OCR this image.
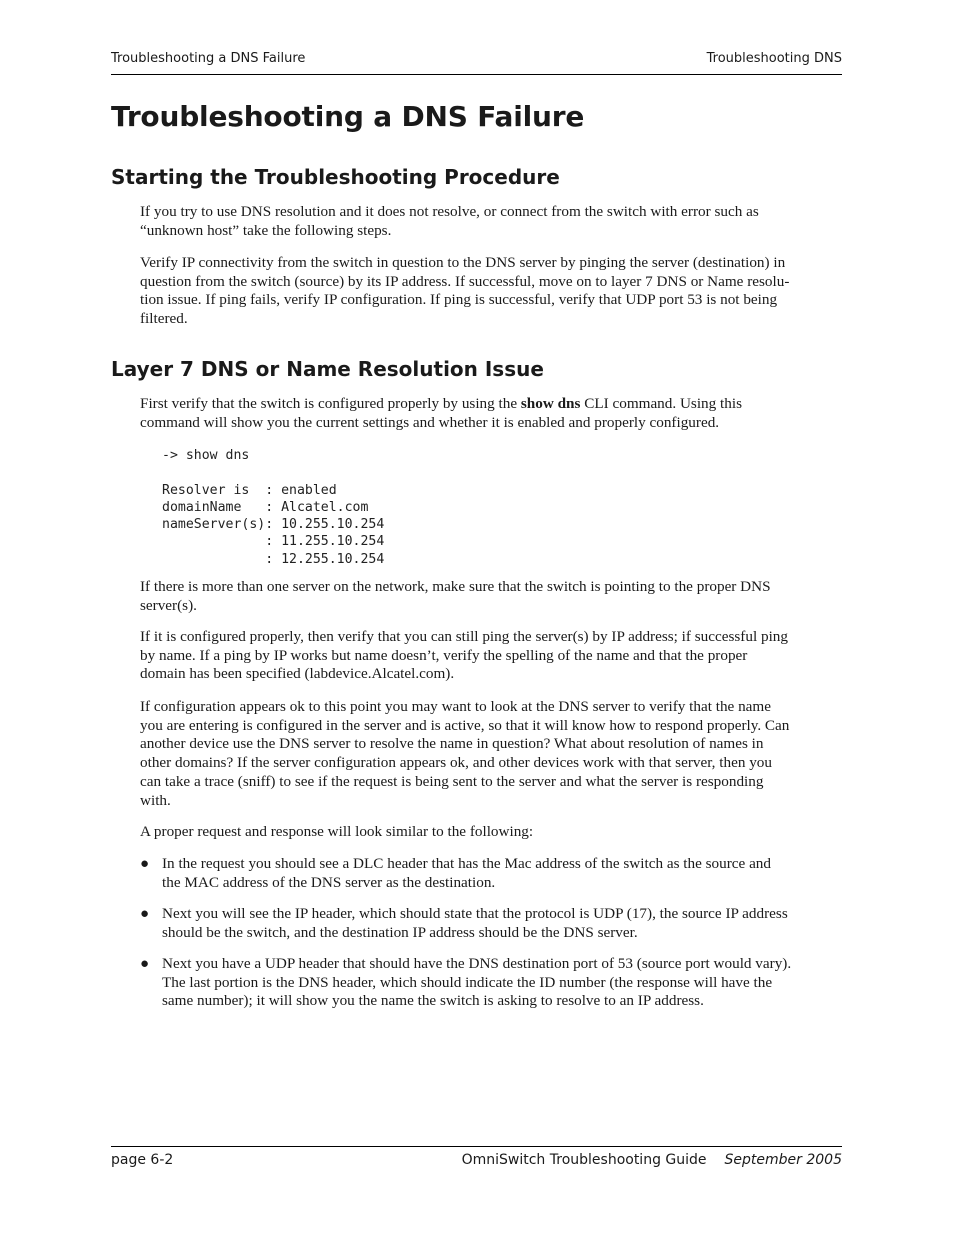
Troubleshooting a DNS Failure	Troubleshooting DNS
Troubleshooting a DNS Failure
Starting the Troubleshooting Procedure

If you try to use DNS resolution and it does not resolve, or connect from the switch with error such as
“unknown host” take the following steps.

Verify IP connectivity from the switch in question to the DNS server by pinging the server (destination) in
question from the switch (source) by its IP address. If successful, move on to layer 7 DNS or Name resolu-
tion issue. If ping fails, verify IP configuration. If ping is successful, verify that UDP port 53 is not being
filtered.

Layer 7 DNS or Name Resolution Issue

First verify that the switch is configured properly by using the show dns CLI command. Using this
command will show you the current settings and whether it is enabled and properly configured.

-> show dns

Resolver is  : enabled
domainName   : Alcatel.com
nameServer(s): 10.255.10.254
: 11.255.10.254
: 12.255.10.254

If there is more than one server on the network, make sure that the switch is pointing to the proper DNS
server(s).

If it is configured properly, then verify that you can still ping the server(s) by IP address; if successful ping
by name. If a ping by IP works but name doesn’t, verify the spelling of the name and that the proper
domain has been specified (labdevice.Alcatel.com).

If configuration appears ok to this point you may want to look at the DNS server to verify that the name
you are entering is configured in the server and is active, so that it will know how to respond properly. Can
another device use the DNS server to resolve the name in question? What about resolution of names in
other domains? If the server configuration appears ok, and other devices work with that server, then you
can take a trace (sniff) to see if the request is being sent to the server and what the server is responding
with.

A proper request and response will look similar to the following:

● In the request you should see a DLC header that has the Mac address of the switch as the source and
the MAC address of the DNS server as the destination.
● Next you will see the IP header, which should state that the protocol is UDP (17), the source IP address
should be the switch, and the destination IP address should be the DNS server.
● Next you have a UDP header that should have the DNS destination port of 53 (source port would vary).
The last portion is the DNS header, which should indicate the ID number (the response will have the
same number); it will show you the name the switch is asking to resolve to an IP address.
page 6-2	OmniSwitch Troubleshooting Guide September 2005
